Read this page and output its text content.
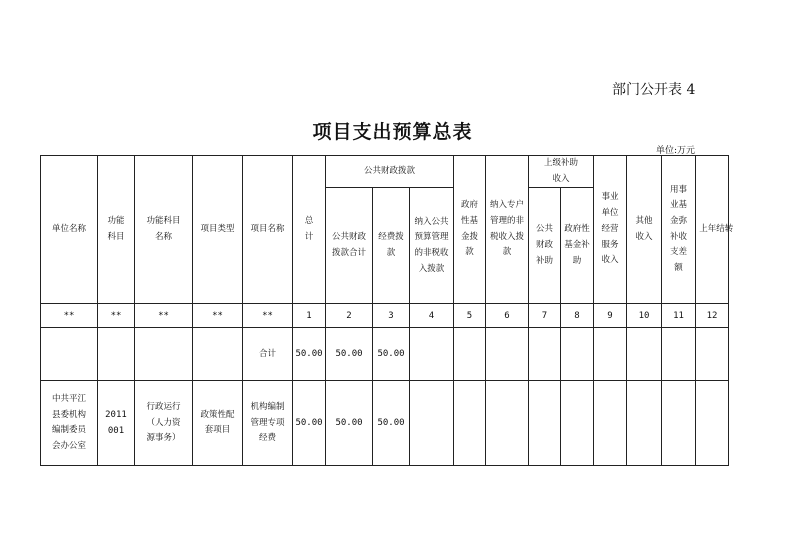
部门公开表 4
项目支出预算总表
单位:万元
单位名称	功能科目	功能科目名称	项目类型	项目名称	总计	公共财政拨款			政府性基金拨款	纳入专户管理的非税收入拨款	上级补助收入		事业单位经营服务收入	其他收入	用事业基金弥补收支差额	上年结转
						公共财政拨款合计	经费拨款	纳入公共预算管理的非税收入拨款			公共财政补助	政府性基金补助				
**	**	**	**	**	1	2	3	4	5	6	7	8	9	10	11	12
				合计	50.00	50.00	50.00									
中共平江县委机构编制委员会办公室	2011001	行政运行（人力资源事务）	政策性配套项目	机构编制管理专项经费	50.00	50.00	50.00									
